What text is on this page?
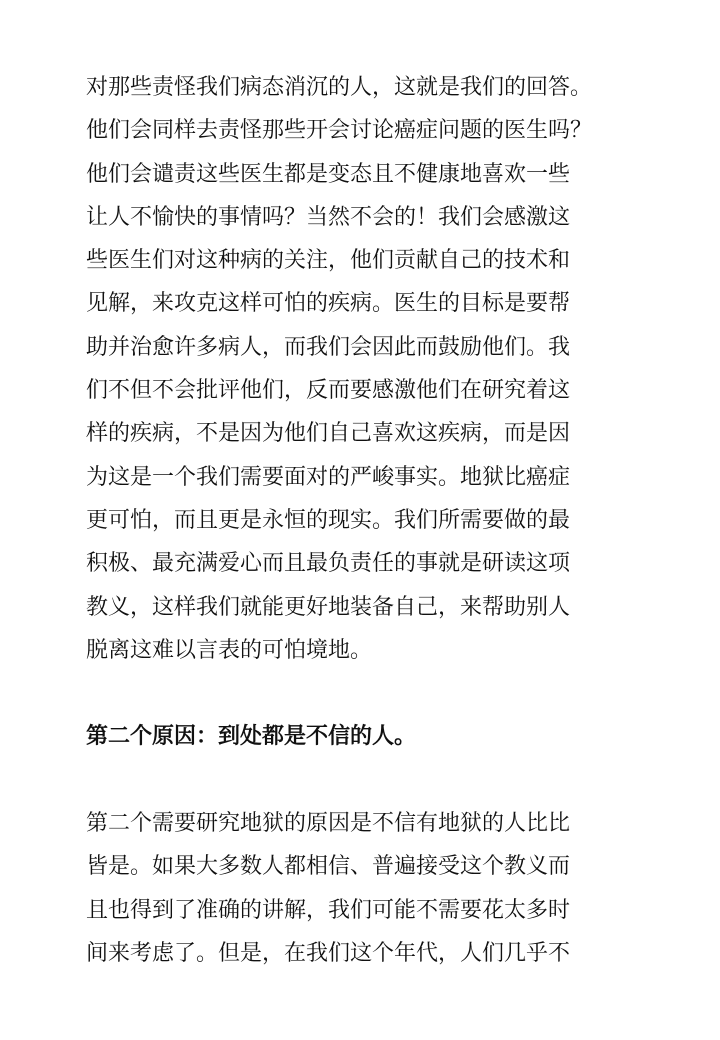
对那些责怪我们病态消沉的人，这就是我们的回答。
他们会同样去责怪那些开会讨论癌症问题的医生吗？
他们会谴责这些医生都是变态且不健康地喜欢一些
让人不愉快的事情吗？当然不会的！我们会感激这
些医生们对这种病的关注，他们贡献自己的技术和
见解，来攻克这样可怕的疾病。医生的目标是要帮
助并治愈许多病人，而我们会因此而鼓励他们。我
们不但不会批评他们，反而要感激他们在研究着这
样的疾病，不是因为他们自己喜欢这疾病，而是因
为这是一个我们需要面对的严峻事实。地狱比癌症
更可怕，而且更是永恒的现实。我们所需要做的最
积极、最充满爱心而且最负责任的事就是研读这项
教义，这样我们就能更好地装备自己，来帮助别人
脱离这难以言表的可怕境地。
第二个原因：到处都是不信的人。
第二个需要研究地狱的原因是不信有地狱的人比比
皆是。如果大多数人都相信、普遍接受这个教义而
且也得到了准确的讲解，我们可能不需要花太多时
间来考虑了。但是，在我们这个年代，人们几乎不
